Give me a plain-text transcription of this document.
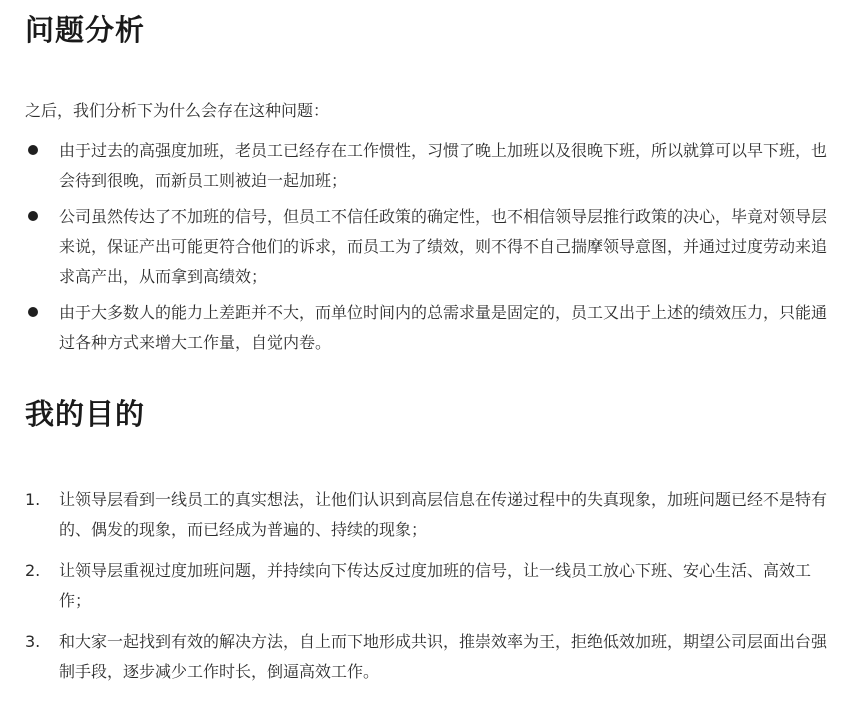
问题分析

之后，我们分析下为什么会存在这种问题：

由于过去的高强度加班，老员工已经存在工作惯性，习惯了晚上加班以及很晚下班，所以就算可以早下班，也会待到很晚，而新员工则被迫一起加班；
公司虽然传达了不加班的信号，但员工不信任政策的确定性，也不相信领导层推行政策的决心，毕竟对领导层来说，保证产出可能更符合他们的诉求，而员工为了绩效，则不得不自己揣摩领导意图，并通过过度劳动来追求高产出，从而拿到高绩效；
由于大多数人的能力上差距并不大，而单位时间内的总需求量是固定的，员工又出于上述的绩效压力，只能通过各种方式来增大工作量，自觉内卷。
我的目的
1. 让领导层看到一线员工的真实想法，让他们认识到高层信息在传递过程中的失真现象，加班问题已经不是特有的、偶发的现象，而已经成为普遍的、持续的现象；
2. 让领导层重视过度加班问题，并持续向下传达反过度加班的信号，让一线员工放心下班、安心生活、高效工作；
3. 和大家一起找到有效的解决方法，自上而下地形成共识，推崇效率为王，拒绝低效加班，期望公司层面出台强制手段，逐步减少工作时长，倒逼高效工作。
